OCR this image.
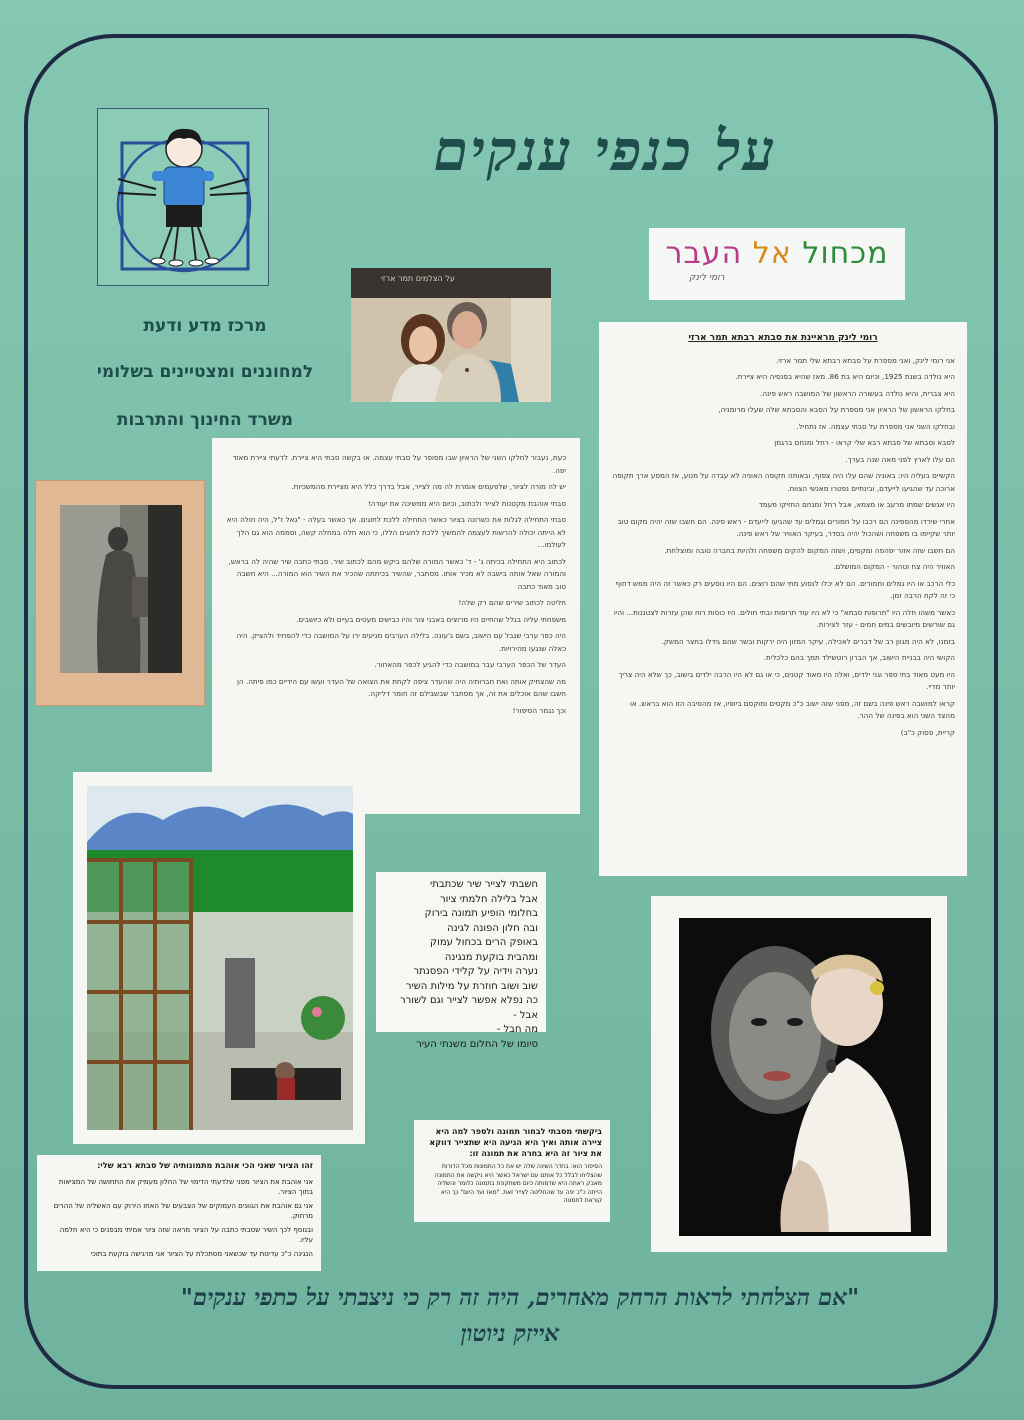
על כנפי ענקים
מרכז מדע ודעת
למחוננים ומצטיינים בשלומי
משרד החינוך והתרבות
מכחול אל העבר
רומי לינק
על הצלמים תמר ארזי
רומי לינק מראיינת את סבתא רבתא תמר ארזי

אני רומי לינק, ואני מספרת על סבתא רבתא שלי תמר ארזי.

היא נולדה בשנת 1925, וכיום היא בת 86. מאז שהיא בפנסיה היא ציירת.

היא צברית, והיא נולדה בעשורה הראשון של המושבה ראש פינה.

בחלקו הראשון של הראיון אני מספרת על הסבא והסבתא שלה שעלו מרומניה,

ובחלקו השני אני מספרת על סבתי עצמה. אז נתחיל.

לסבא וסבתא של סבתא רבא שלי קראו - רחל ומנחם ברגמן

הם עלו לארץ לפני מאה שנה בערך.

הקשיים בעליה היו: באוניה שהם עלו היה צפוף, ובאותה תקופה האוניה לא עבדה על מנוע, אז המסע ארך תקופה ארוכה עד שהגיעו לייעדם, ובינתיים נפטרו מאנשי הצוות.

היו אנשים שמתו מרעב או מצמא, אבל רחל ומנחם החזיקו מעמד

אחרי שירדו מהספינה הם רכבו על חמורים וגמלים עד שהגיעו לייעדם - ראש פינה. הם חשבו שזה יהיה מקום טוב יותר שקיימו בו משפחה ושהכול יהיה בסדר, בעיקר האוויר של ראש פינה.

הם חשבו שזה אזור יפהפה ומקסים, ושזה המקום להקים משפחה ולהיות בחברה טובה ומוצלחת.

האוויר היה צח וטהור - המקום המושלם.

כלי הרכב או היו גמלים וחמורים. הם לא יכלו לנסוע מתי שהם רוצים. הם היו נוסעים רק כאשר זה היה ממש דחוף כי זה לקח הרבה זמן.

כאשר משהו חלה היו "תרופות סבתא" כי לא היו עוד תרופות ובתי חולים. היו כוסות רוח שהן עזרות לצטננות... והיו גם שורשים מיובשים במים חמים - עזר לצירות.

בזמנו, לא היה מגוון רב של דברים לאכילה. עיקר המזון היה ירקות ובשר שהם גידלו בחצר המשק.

הקושי היה בבניית הישוב, אך הברון רוטשילד תמך בהם כלכלית.

היו מעט מאוד בתי ספר וגני ילדים, ואלה היו מאוד קטנים, כי או גם לא היו הרבה ילדים בישוב, כך שלא היה צריך יותר מדיי.

קראו למושבה ראש פינה בשם זה, מפני שזה ישוב כ"כ מקסים ומוקסם ביופיו, אז מהסיבה הזו הוא בראש. או מהצד השני הוא בפינה של ההר.

קריית, פסוק כ"ב)

כעת, נעבור לחלקו השני של הראיון שבו מסופר על סבתי עצמה. או בקשה סבתי היא ציירת. לדעתי ציירת מאוד יפה.

יש לה מורה לציור, שלפעמים אומרת לה מה לצייר, אבל בדרך כלל היא מציירת מהמשכיות.

סבתי אוהבת מקטנות לצייר ולכתוב, וכיום היא ממשיכה את יעודה!

סבתי התחילה לגלות את כשרונה בציור כאשר התחילה ללכת לחוגים. אך כאשר בעלה - "גאל ז"ל, היה חולה היא לא הייתה יכולה להרשות לעצמה להמשיך ללכת לחוגים הללו, כי הוא חלה במחלה קשה, וסממה הוא גם הלך לעולמו...

לכתוב היא התחילה בכיתה ג' - ד' כאשר המורה שלהם ביקש מהם לכתוב שיר. סבתי כתבה שיר שהיה לה בראש, והמורה שאל אותה בישבה לא מכיר אותו. מסתבר, שהשיר בכיתתה שהכיר את השיר הוא המורה... היא חשבה טוב מאוד כתבה

חליטה לכתוב שירים שהם רק שלה!

משפחתי עליה בגלל שהחיים היו מרוצים באבני צור והיו כבישים מעטים בעיים ולא כיושבים.

היה כפר ערבי שגבל עם הישוב, בשם ג'עונה. בלילה הערבים מגיעים ירו על המושבה כדי להפחיד ולהציק. היה כאלה שנגעו מהירויות.

העדר של הכפר הערבי עבר במושבה כדי להגיע לכפר מהאחור.

מה שהצחיק אותה ואת חברותיה היה שהעדר ציפה לקחת את הצואה של העדר ועשו עם הידיים כמו פיתה. הן חשבו שהם אוכלים את זה, אך מסתבר שבשבילם זה חומר דליקה.

וכך נגמר הסיפור!

חשבתי לצייר שיר שכתבתי
אבל בלילה חלמתי ציור
בחלומי הופיע תמונה בירוק
ובה חלון הפונה לגינה
באופק הרים בכחול עמוק
ומהבית בוקעת מנגינה
נערה וידיה על קלידי הפסנתר
שוב ושוב חוזרת על מילות השיר
כה נפלא אפשר לצייר וגם לשורר
אבל -
מה חבל -
סיומו של החלום משנתי העיר

ביקשתי מסבתי לבחור תמונה ולספר למה היא ציירה אותה ואיך היא הגיעה היא שתצייר דווקא את ציור זה היא בחרה את תמונה זו:

הסיפור הוא: בחדר השינה שלה יש את כל התמונות מכל הדורות שהצליחו לבלל כל אותם עם ישראל כאשר היא ניקשה את התמונה מאבק ראתה היא שדמותה כיום משתקפת בתמונה כלומר והשליה הייתה כ"כ יפה עד שהחליטה לצייר זאת. "מאז ועד היום" כך היא קוראת לתמונה

זהו הציור שאני הכי אוהבת מתמונותיה של סבתא רבא שלי:

אני אוהבת את הציור מפני שלדעתי הדימוי של החלון מעמיק את התחושה של המציאות בתוך הציור.

אני גם אוהבת את הגוונים העמוקים של הצבעים של האחו הירוק עם האשליה של ההרים מרחוק.

ובנוסף לכך השיר שסבתי כתבה על הציור מראה שזה ציור אמיתי מבפנים כי היא חלמה עליו.

הנגינה כ"כ עדינות עד שכשאני מסתכלת על הציור אני מרגישה בוקעת בתוכי

"אם הצלחתי לראות הרחק מאחרים, היה זה רק כי ניצבתי על כתפי ענקים"
אייזק ניוטון
